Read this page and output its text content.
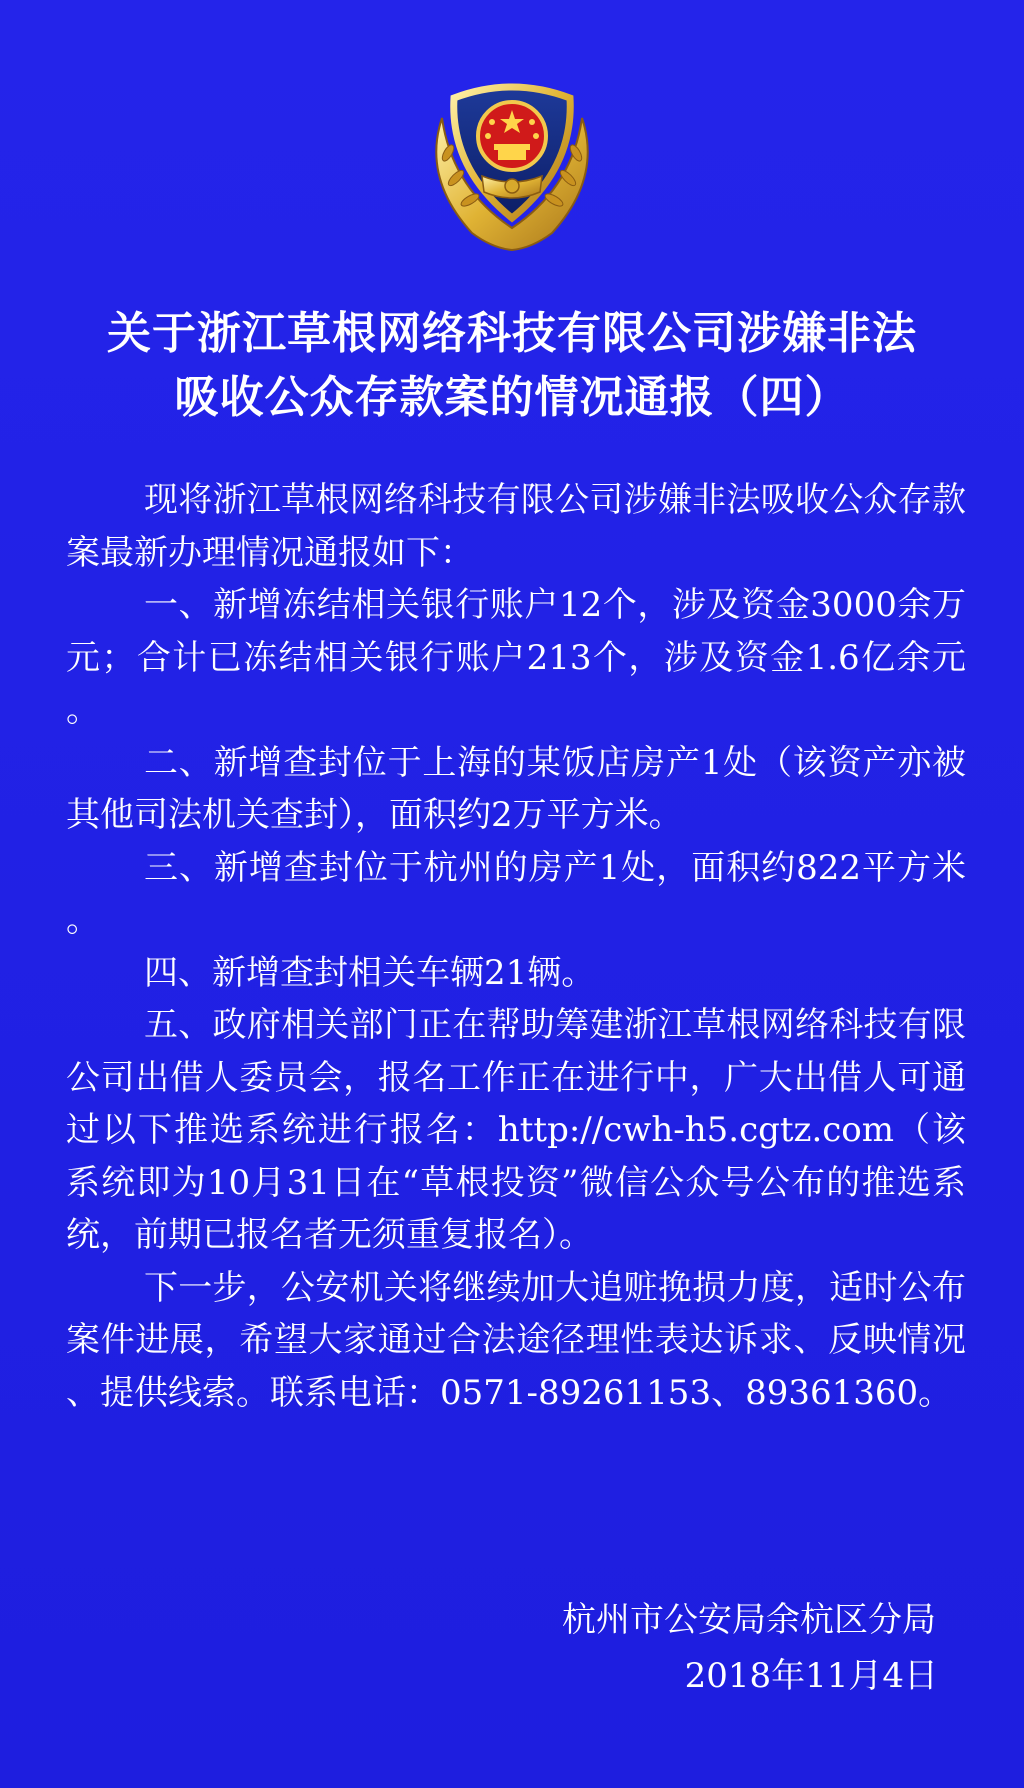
关于浙江草根网络科技有限公司涉嫌非法
吸收公众存款案的情况通报（四）

现将浙江草根网络科技有限公司涉嫌非法吸收公众存款案最新办理情况通报如下：

一、新增冻结相关银行账户12个，涉及资金3000余万元；合计已冻结相关银行账户213个，涉及资金1.6亿余元。

二、新增查封位于上海的某饭店房产1处（该资产亦被其他司法机关查封），面积约2万平方米。

三、新增查封位于杭州的房产1处，面积约822平方米。

四、新增查封相关车辆21辆。

五、政府相关部门正在帮助筹建浙江草根网络科技有限公司出借人委员会，报名工作正在进行中，广大出借人可通过以下推选系统进行报名：http://cwh-h5.cgtz.com（该系统即为10月31日在“草根投资”微信公众号公布的推选系统，前期已报名者无须重复报名）。

下一步，公安机关将继续加大追赃挽损力度，适时公布案件进展，希望大家通过合法途径理性表达诉求、反映情况、提供线索。联系电话：0571-89261153、89361360。

杭州市公安局余杭区分局
2018年11月4日
